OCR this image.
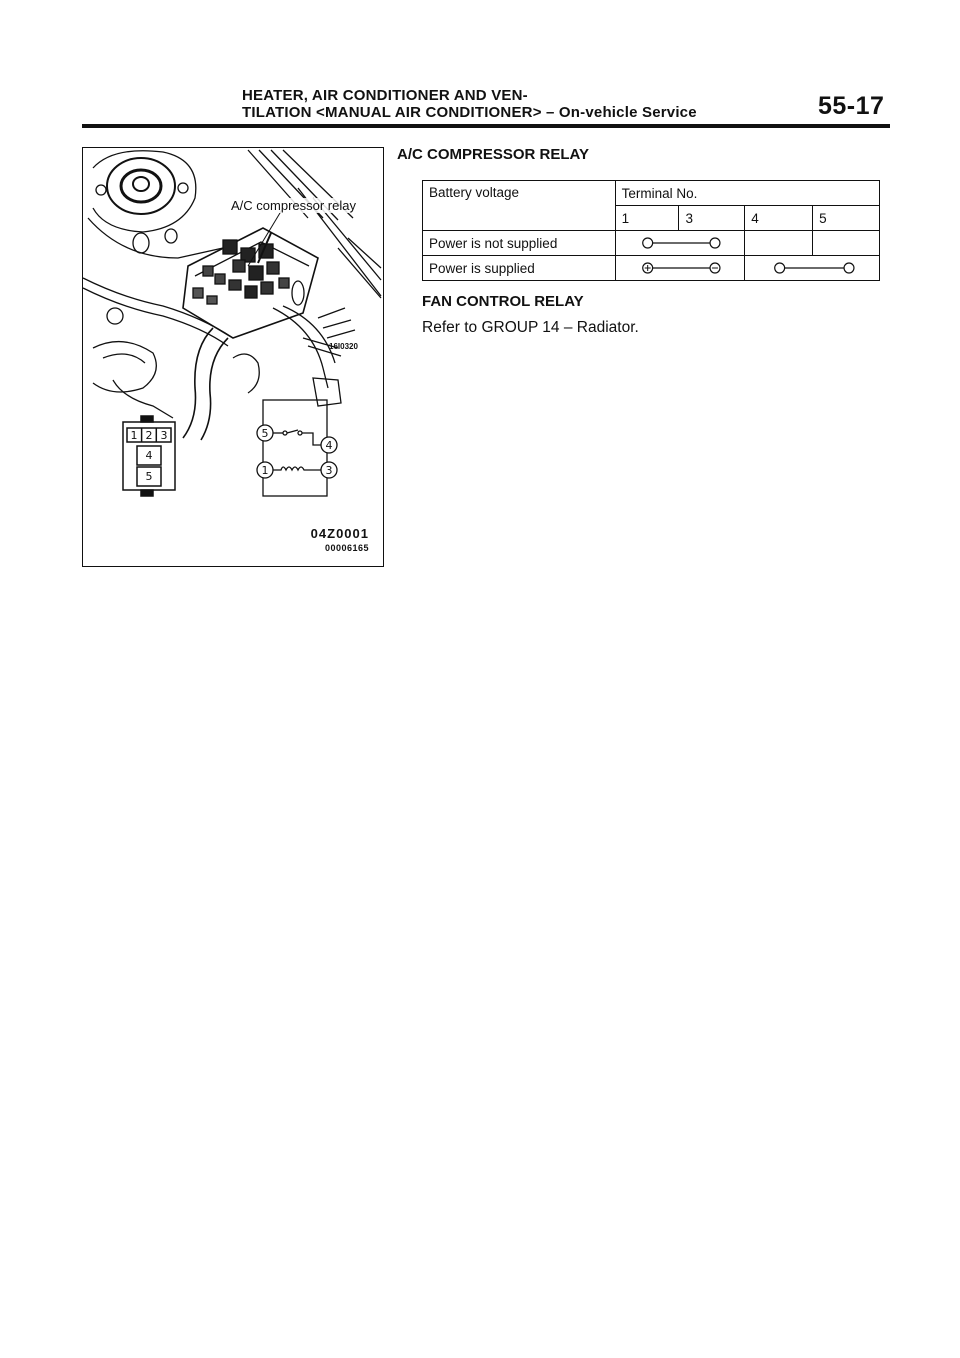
HEATER, AIR CONDITIONER AND VEN-
TILATION <MANUAL AIR CONDITIONER> – On-vehicle Service	55-17
1 2 3
4
5
5
4
1	3
A/C compressor relay
16I0320
04Z0001
00006165
A/C COMPRESSOR RELAY
Battery voltage	Terminal No.			
	1	3	4	5
Power is not supplied	

Power is supplied	

FAN CONTROL RELAY
Refer to GROUP 14 – Radiator.
